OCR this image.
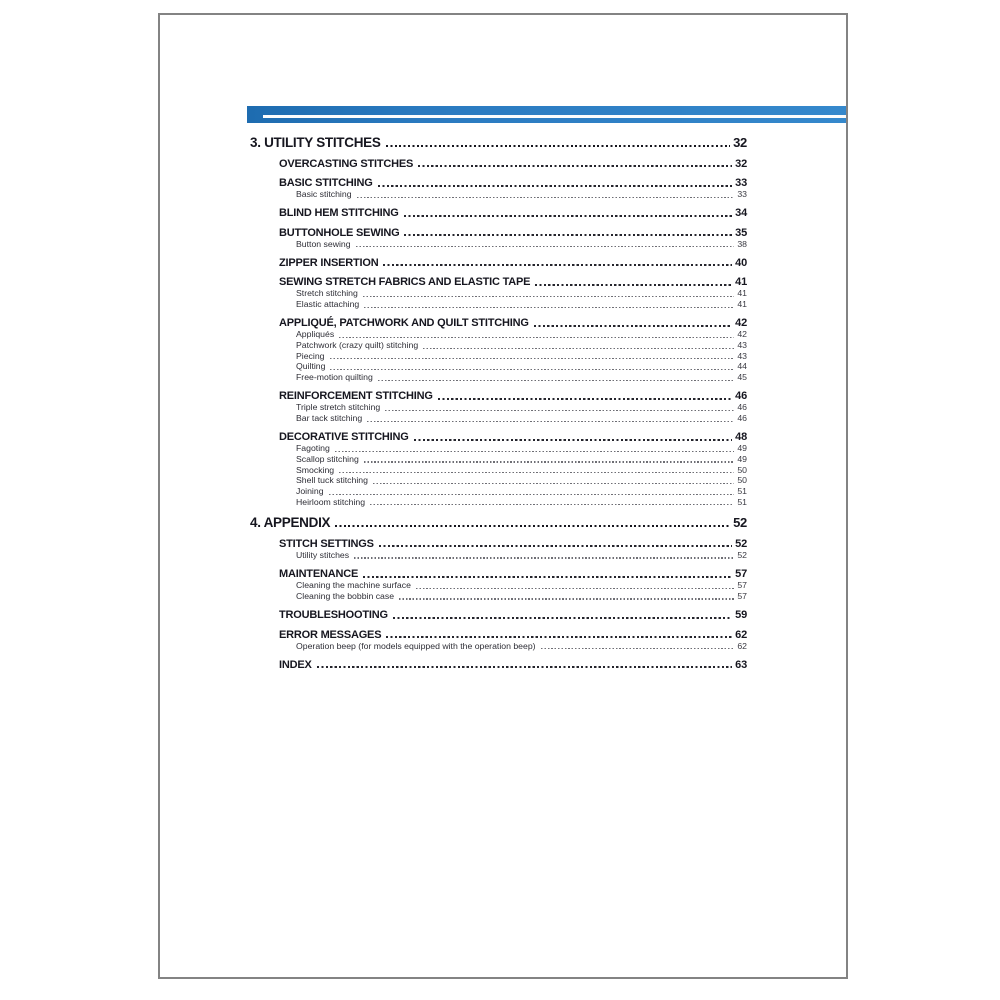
3. UTILITY STITCHES	32
OVERCASTING STITCHES	32
BASIC STITCHING	33
Basic stitching	33
BLIND HEM STITCHING	34
BUTTONHOLE SEWING	35
Button sewing	38
ZIPPER INSERTION	40
SEWING STRETCH FABRICS AND ELASTIC TAPE	41
Stretch stitching	41
Elastic attaching	41
APPLIQUÉ, PATCHWORK AND QUILT STITCHING	42
Appliqués	42
Patchwork (crazy quilt) stitching	43
Piecing	43
Quilting	44
Free-motion quilting	45
REINFORCEMENT STITCHING	46
Triple stretch stitching	46
Bar tack stitching	46
DECORATIVE STITCHING	48
Fagoting	49
Scallop stitching	49
Smocking	50
Shell tuck stitching	50
Joining	51
Heirloom stitching	51
4. APPENDIX	52
STITCH SETTINGS	52
Utility stitches	52
MAINTENANCE	57
Cleaning the machine surface	57
Cleaning the bobbin case	57
TROUBLESHOOTING	59
ERROR MESSAGES	62
Operation beep (for models equipped with the operation beep)	62
INDEX	63
